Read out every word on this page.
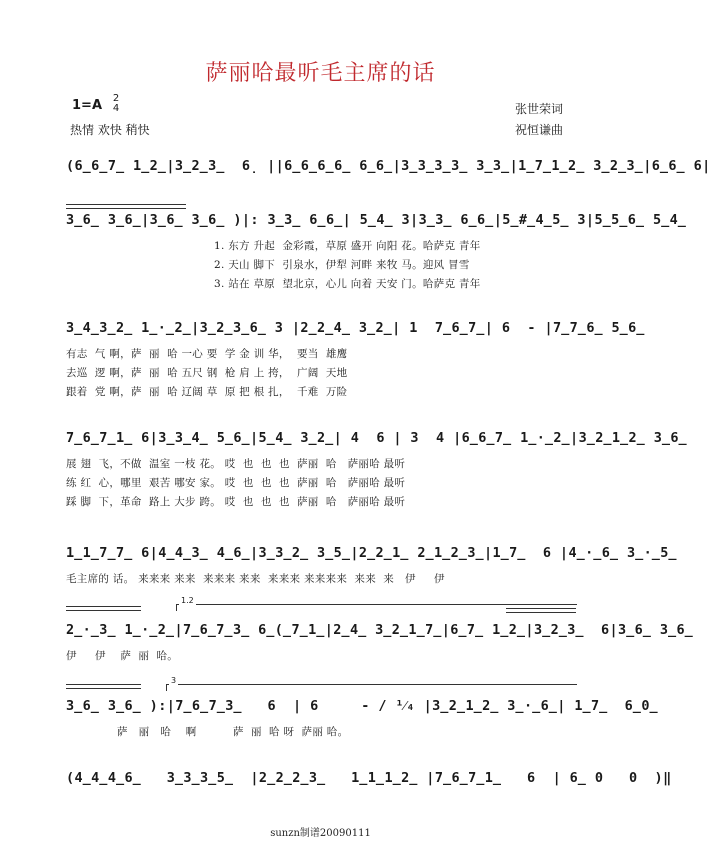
萨丽哈最听毛主席的话
1=A 2
4
热情 欢快 稍快
张世荣词
祝恒谦曲
(6̲6̲7̲ 1̲2̲|3̲2̲3̲  6̣ ||6̲6̲6̲6̲ 6̲6̲|3̲3̲3̲3̲ 3̲3̲|1̲7̲1̲2̲ 3̲2̲3̲|6̲6̲ 6|
3̲6̲ 3̲6̲|3̲6̲ 3̲6̲ )|: 3̲3̲ 6̲6̲| 5̲4̲ 3|3̲3̲ 6̲6̲|5̲#̲4̲5̲ 3|5̲5̲6̲ 5̲4̲
1. 东方 升起  金彩霞，草原 盛开 向阳 花。哈萨克 青年
2. 天山 脚下  引泉水，伊犁 河畔 来牧 马。迎风 冒雪
3. 站在 草原  望北京，心儿 向着 天安 门。哈萨克 青年
3̲4̲3̲2̲ 1̲·̲2̲|3̲2̲3̲6̲ 3 |2̲2̲4̲ 3̲2̲| 1  7̲6̲7̲| 6  - |7̲7̲6̲ 5̲6̲
有志  气 啊，萨  丽  哈 一心 要  学 金 训 华，  要当  雄鹰
去巡  逻 啊，萨  丽  哈 五尺 钢  枪 肩 上 挎，  广阔  天地
跟着  党 啊，萨  丽  哈 辽阔 草  原 把 根 扎，  千难  万险
7̲6̲7̲1̲ 6|3̲3̲4̲ 5̲6̲|5̲4̲ 3̲2̲| 4  6 | 3  4 |6̲6̲7̲ 1̲·̲2̲|3̲2̲1̲2̲ 3̲6̲
展 翅  飞，不做  温室 一枝 花。 哎  也  也  也  萨丽  哈   萨丽哈 最听
练 红  心，哪里  艰苦 哪安 家。 哎  也  也  也  萨丽  哈   萨丽哈 最听
踩 脚  下，革命  路上 大步 跨。 哎  也  也  也  萨丽  哈   萨丽哈 最听
1̲1̲7̲7̲ 6|4̲4̲3̲ 4̲6̲|3̲3̲2̲ 3̲5̲|2̲2̲1̲ 2̲1̲2̲3̲|1̲7̲  6 |4̲·̲6̲ 3̲·̲5̲
毛主席的 话。 来来来 来来  来来来 来来  来来来 来来来来  来来  来   伊     伊
1.2
2̲·̲3̲ 1̲·̲2̲|7̲6̲7̲3̲ 6̲(̲7̲1̲|2̲4̲ 3̲2̲1̲7̲|6̲7̲ 1̲2̲|3̲2̲3̲  6|3̲6̲ 3̲6̲
伊     伊    萨  丽  哈。
3
3̲6̲ 3̲6̲ ):|7̲6̲7̲3̲   6  | 6     - / ¹⁄₄ |3̲2̲1̲2̲ 3̲·̲6̲| 1̲7̲  6̲0̲
萨   丽   哈    啊          萨  丽  哈 呀  萨丽 哈。
(4̲4̲4̲6̲   3̲3̲3̲5̲  |2̲2̲2̲3̲   1̲1̲1̲2̲ |7̲6̲7̲1̲   6  | 6̲ 0   0  )‖
sunzn制谱20090111
